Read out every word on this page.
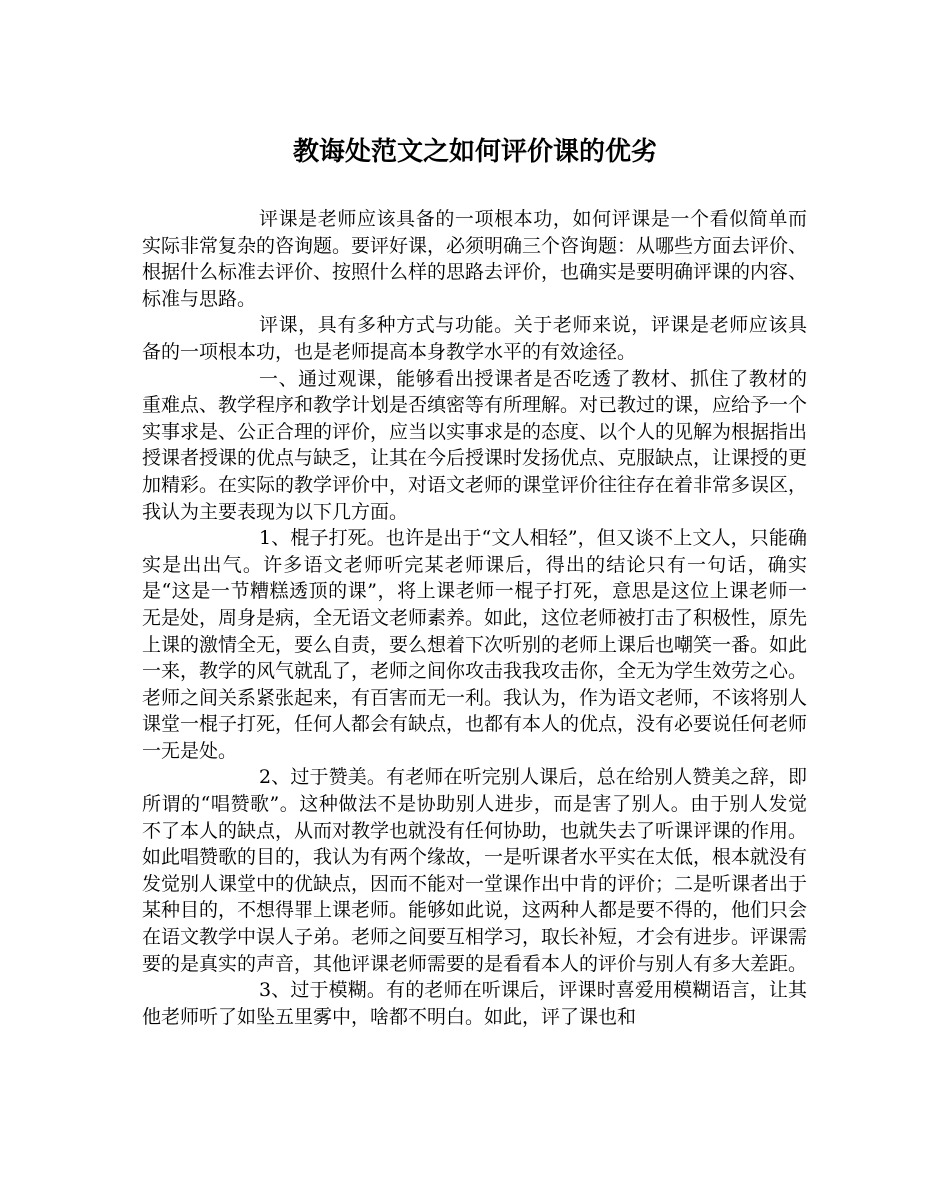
教诲处范文之如何评价课的优劣

评课是老师应该具备的一项根本功，如何评课是一个看似简单而实际非常复杂的咨询题。要评好课，必须明确三个咨询题：从哪些方面去评价、根据什么标准去评价、按照什么样的思路去评价，也确实是要明确评课的内容、标准与思路。

评课，具有多种方式与功能。关于老师来说，评课是老师应该具备的一项根本功，也是老师提高本身教学水平的有效途径。

一、通过观课，能够看出授课者是否吃透了教材、抓住了教材的重难点、教学程序和教学计划是否缜密等有所理解。对已教过的课，应给予一个实事求是、公正合理的评价，应当以实事求是的态度、以个人的见解为根据指出授课者授课的优点与缺乏，让其在今后授课时发扬优点、克服缺点，让课授的更加精彩。在实际的教学评价中，对语文老师的课堂评价往往存在着非常多误区，我认为主要表现为以下几方面。

1、棍子打死。也许是出于“文人相轻”，但又谈不上文人，只能确实是出出气。许多语文老师听完某老师课后，得出的结论只有一句话，确实是“这是一节糟糕透顶的课”，将上课老师一棍子打死，意思是这位上课老师一无是处，周身是病，全无语文老师素养。如此，这位老师被打击了积极性，原先上课的激情全无，要么自责，要么想着下次听别的老师上课后也嘲笑一番。如此一来，教学的风气就乱了，老师之间你攻击我我攻击你，全无为学生效劳之心。老师之间关系紧张起来，有百害而无一利。我认为，作为语文老师，不该将别人课堂一棍子打死，任何人都会有缺点，也都有本人的优点，没有必要说任何老师一无是处。

2、过于赞美。有老师在听完别人课后，总在给别人赞美之辞，即所谓的“唱赞歌”。这种做法不是协助别人进步，而是害了别人。由于别人发觉不了本人的缺点，从而对教学也就没有任何协助，也就失去了听课评课的作用。如此唱赞歌的目的，我认为有两个缘故，一是听课者水平实在太低，根本就没有发觉别人课堂中的优缺点，因而不能对一堂课作出中肯的评价；二是听课者出于某种目的，不想得罪上课老师。能够如此说，这两种人都是要不得的，他们只会在语文教学中误人子弟。老师之间要互相学习，取长补短，才会有进步。评课需要的是真实的声音，其他评课老师需要的是看看本人的评价与别人有多大差距。

3、过于模糊。有的老师在听课后，评课时喜爱用模糊语言，让其他老师听了如坠五里雾中，啥都不明白。如此，评了课也和
